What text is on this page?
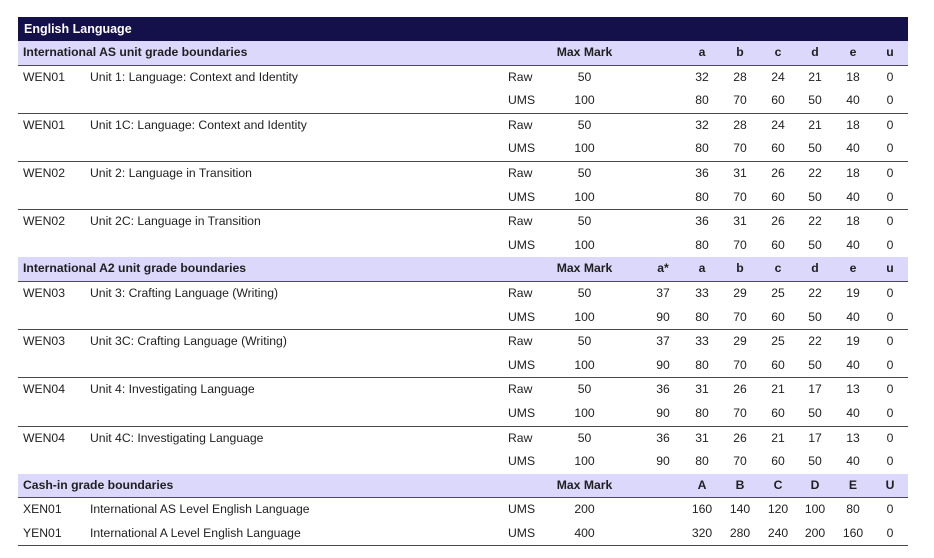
English Language
International AS unit grade boundaries	Max Mark	a	b	c	d	e	u
WEN01 Unit 1: Language: Context and Identity	Raw	50	32	28	24	21	18	0
UMS	100	80	70	60	50	40	0
WEN01 Unit 1C: Language: Context and Identity	Raw	50	32	28	24	21	18	0
UMS	100	80	70	60	50	40	0
WEN02 Unit 2: Language in Transition	Raw	50	36	31	26	22	18	0
UMS	100	80	70	60	50	40	0
WEN02 Unit 2C: Language in Transition	Raw	50	36	31	26	22	18	0
UMS	100	80	70	60	50	40	0
International A2 unit grade boundaries	Max Mark	a*	a	b	c	d	e	u
WEN03 Unit 3: Crafting Language (Writing)	Raw	50	37	33	29	25	22	19	0
UMS	100	90	80	70	60	50	40	0
WEN03 Unit 3C: Crafting Language (Writing)	Raw	50	37	33	29	25	22	19	0
UMS	100	90	80	70	60	50	40	0
WEN04 Unit 4: Investigating Language	Raw	50	36	31	26	21	17	13	0
UMS	100	90	80	70	60	50	40	0
WEN04 Unit 4C: Investigating Language	Raw	50	36	31	26	21	17	13	0
UMS	100	90	80	70	60	50	40	0
Cash-in grade boundaries	Max Mark	A	B	C	D	E	U
XEN01 International AS Level English Language	UMS	200	160	140	120	100	80	0
YEN01 International A Level English Language	UMS	400	320	280	240	200	160	0
